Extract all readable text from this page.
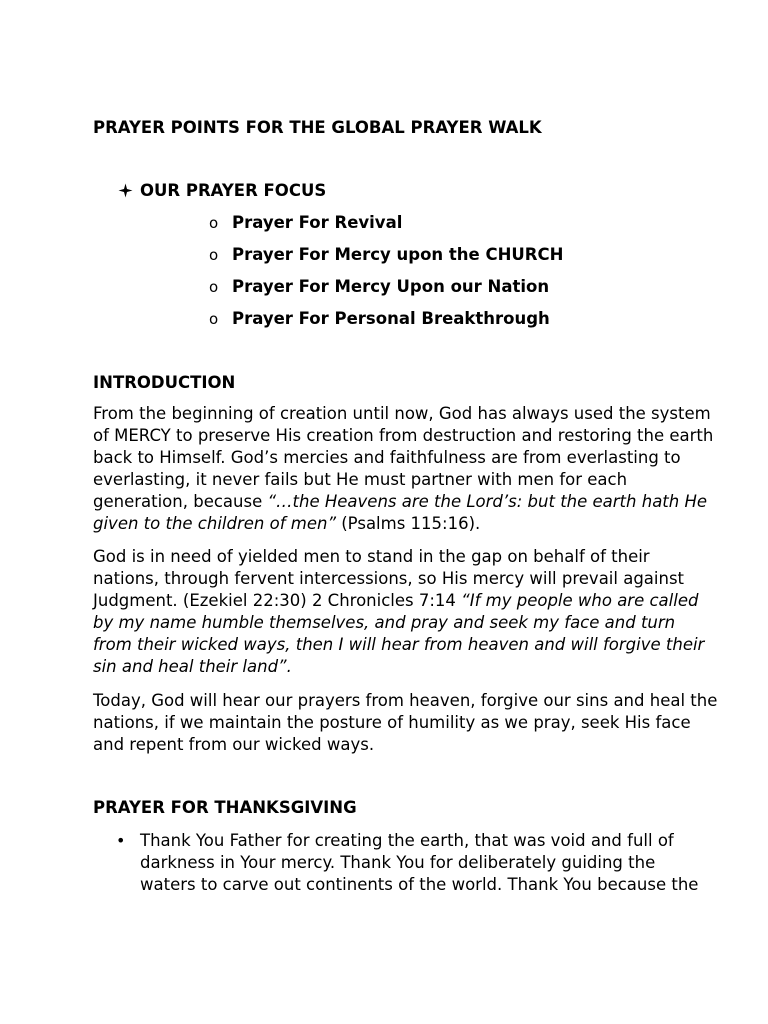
PRAYER POINTS FOR THE GLOBAL PRAYER WALK
OUR PRAYER FOCUS
o Prayer For Revival
o Prayer For Mercy upon the CHURCH
o Prayer For Mercy Upon our Nation
o Prayer For Personal Breakthrough
INTRODUCTION

From the beginning of creation until now, God has always used the system of MERCY to preserve His creation from destruction and restoring the earth back to Himself. God’s mercies and faithfulness are from everlasting to everlasting, it never fails but He must partner with men for each generation, because “…the Heavens are the Lord’s: but the earth hath He given to the children of men” (Psalms 115:16).

God is in need of yielded men to stand in the gap on behalf of their nations, through fervent intercessions, so His mercy will prevail against Judgment. (Ezekiel 22:30) 2 Chronicles 7:14 “If my people who are called by my name humble themselves, and pray and seek my face and turn from their wicked ways, then I will hear from heaven and will forgive their sin and heal their land”.

Today, God will hear our prayers from heaven, forgive our sins and heal the nations, if we maintain the posture of humility as we pray, seek His face and repent from our wicked ways.

PRAYER FOR THANKSGIVING
• Thank You Father for creating the earth, that was void and full of darkness in Your mercy. Thank You for deliberately guiding the waters to carve out continents of the world. Thank You because the
